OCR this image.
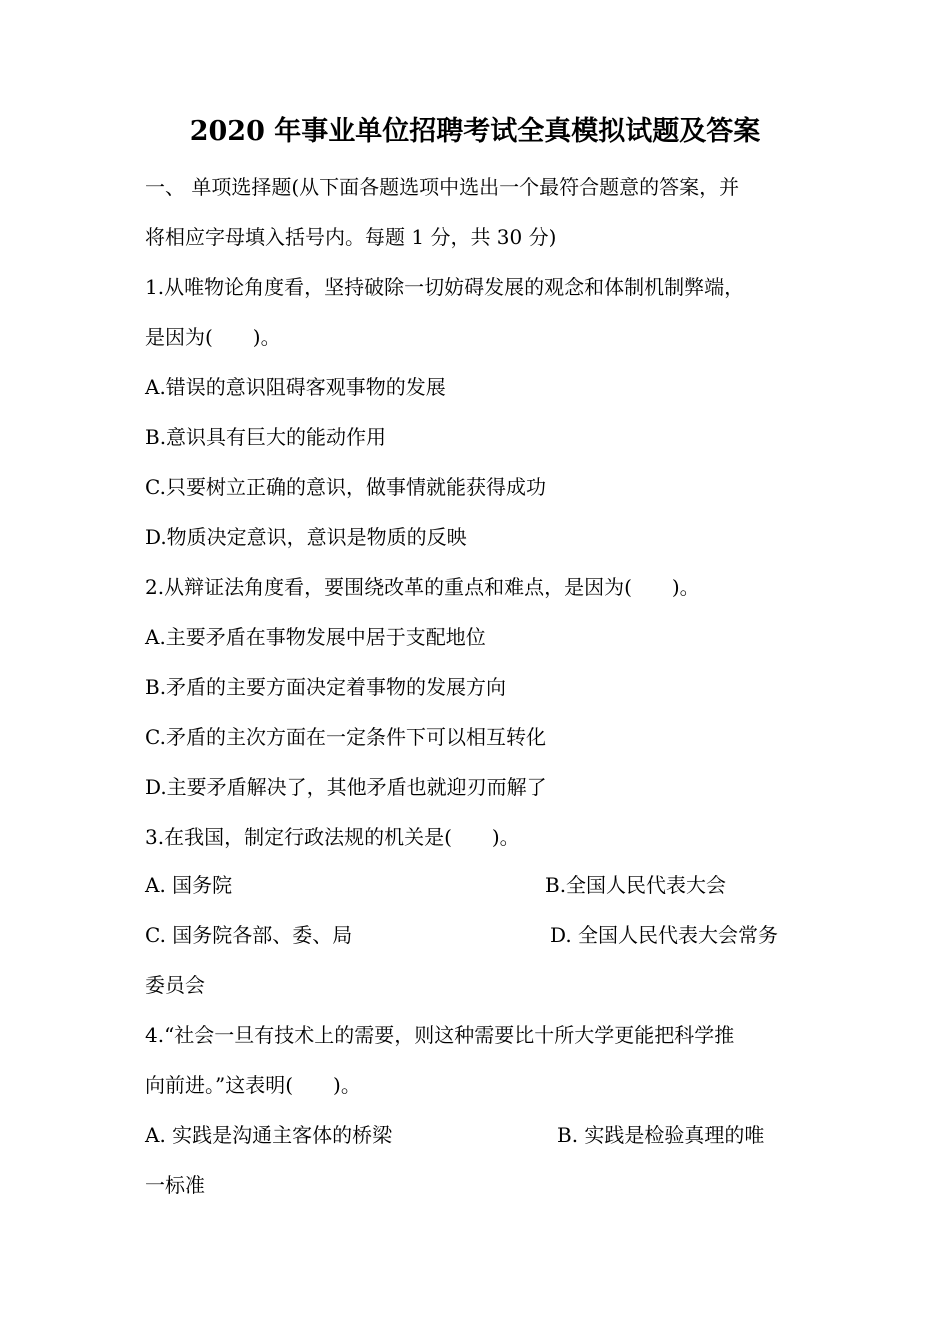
2020 年事业单位招聘考试全真模拟试题及答案
一、 单项选择题(从下面各题选项中选出一个最符合题意的答案，并
将相应字母填入括号内。每题 1 分，共 30 分)
1.从唯物论角度看，坚持破除一切妨碍发展的观念和体制机制弊端，
是因为(　　)。
A.错误的意识阻碍客观事物的发展
B.意识具有巨大的能动作用
C.只要树立正确的意识，做事情就能获得成功
D.物质决定意识，意识是物质的反映
2.从辩证法角度看，要围绕改革的重点和难点，是因为(　　)。
A.主要矛盾在事物发展中居于支配地位
B.矛盾的主要方面决定着事物的发展方向
C.矛盾的主次方面在一定条件下可以相互转化
D.主要矛盾解决了，其他矛盾也就迎刃而解了
3.在我国，制定行政法规的机关是(　　)。
A. 国务院	B.全国人民代表大会
C. 国务院各部、委、局	D. 全国人民代表大会常务
委员会
4.“社会一旦有技术上的需要，则这种需要比十所大学更能把科学推
向前进。”这表明(　　)。
A. 实践是沟通主客体的桥梁	B. 实践是检验真理的唯
一标准
